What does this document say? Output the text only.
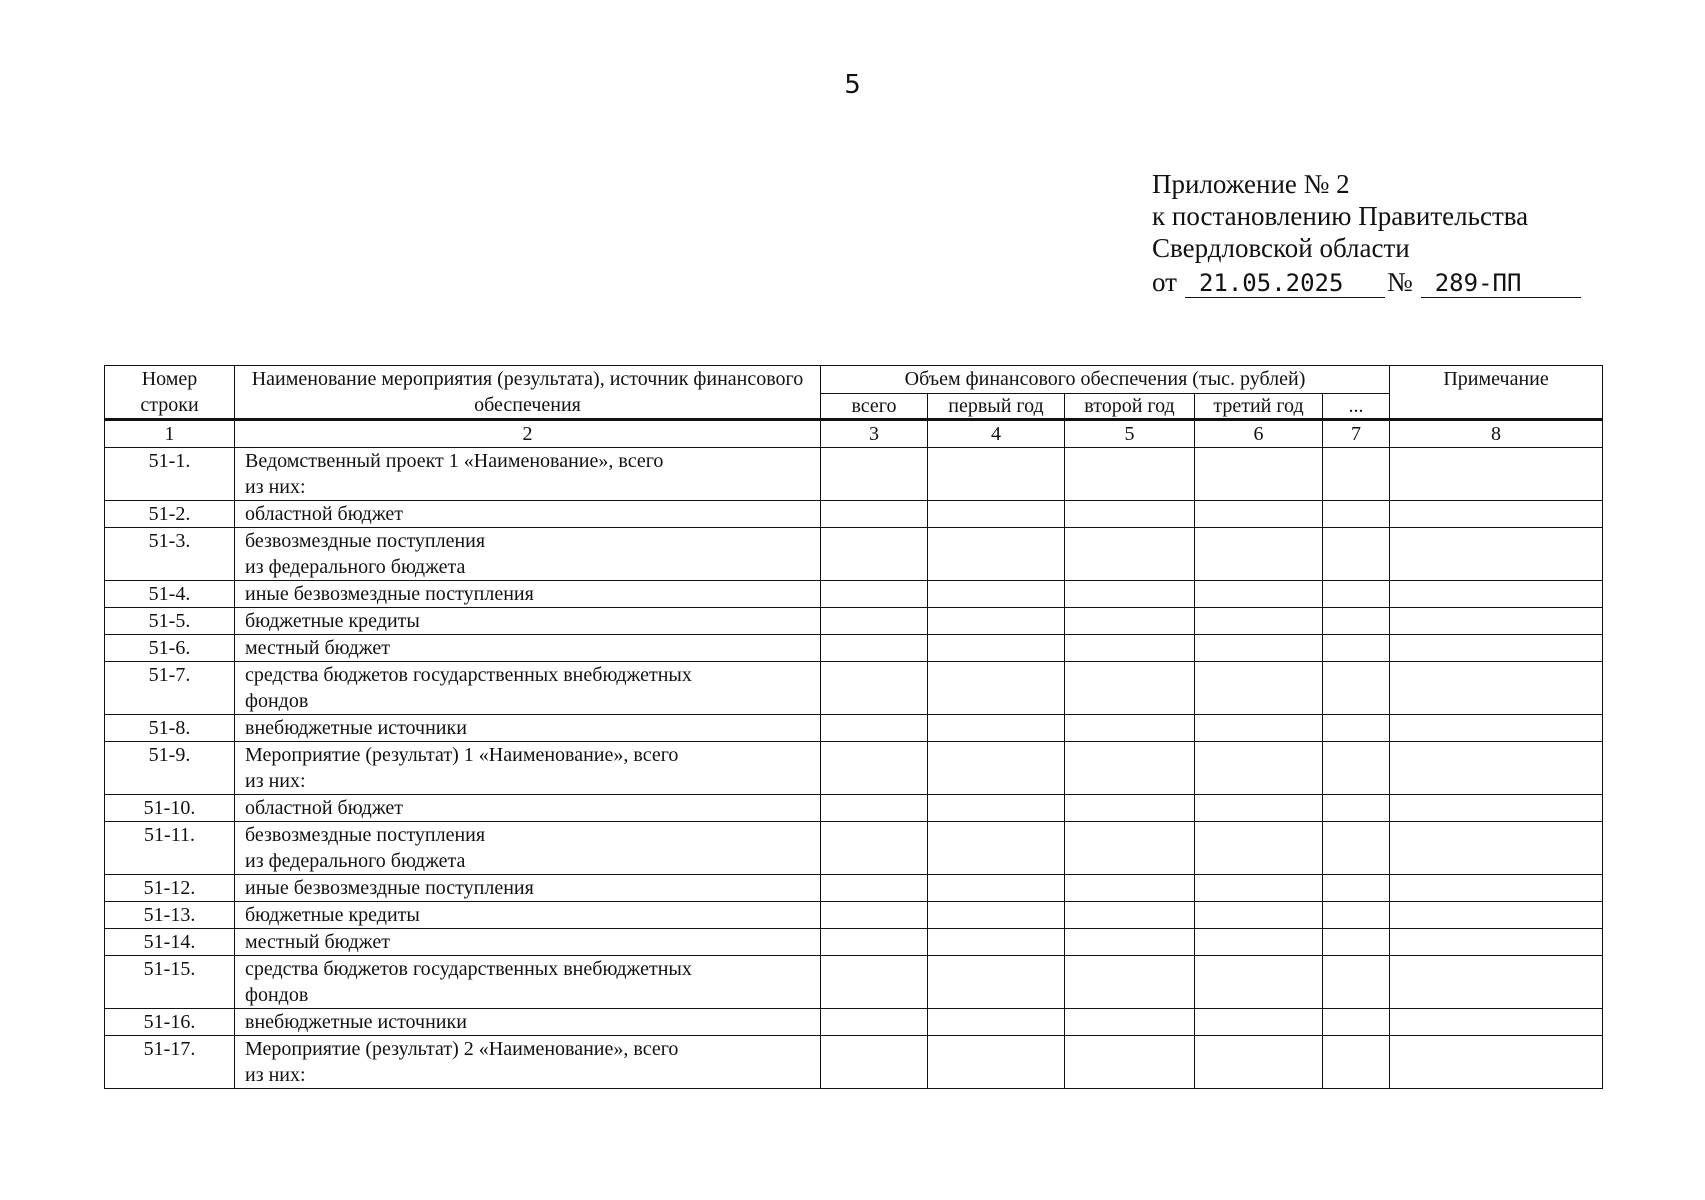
5
Приложение № 2
к постановлению Правительства
Свердловской области
от 21.05.2025	№ 289-ПП
Номер строки	Наименование мероприятия (результата), источник финансового обеспечения	Объем финансового обеспечения (тыс. рублей)					Примечание
		всего	первый год	второй год	третий год	...	
1	2	3	4	5	6	7	8
51-1.	Ведомственный проект 1 «Наименование», всего
из них:						

51-2.	областной бюджет						

51-3.	безвозмездные поступления
из федерального бюджета						

51-4.	иные безвозмездные поступления						

51-5.	бюджетные кредиты						

51-6.	местный бюджет						

51-7.	средства бюджетов государственных внебюджетных
фондов						

51-8.	внебюджетные источники						

51-9.	Мероприятие (результат) 1 «Наименование», всего
из них:						

51-10.	областной бюджет						

51-11.	безвозмездные поступления
из федерального бюджета						

51-12.	иные безвозмездные поступления						

51-13.	бюджетные кредиты						

51-14.	местный бюджет						

51-15.	средства бюджетов государственных внебюджетных
фондов						

51-16.	внебюджетные источники						

51-17.	Мероприятие (результат) 2 «Наименование», всего
из них:						
